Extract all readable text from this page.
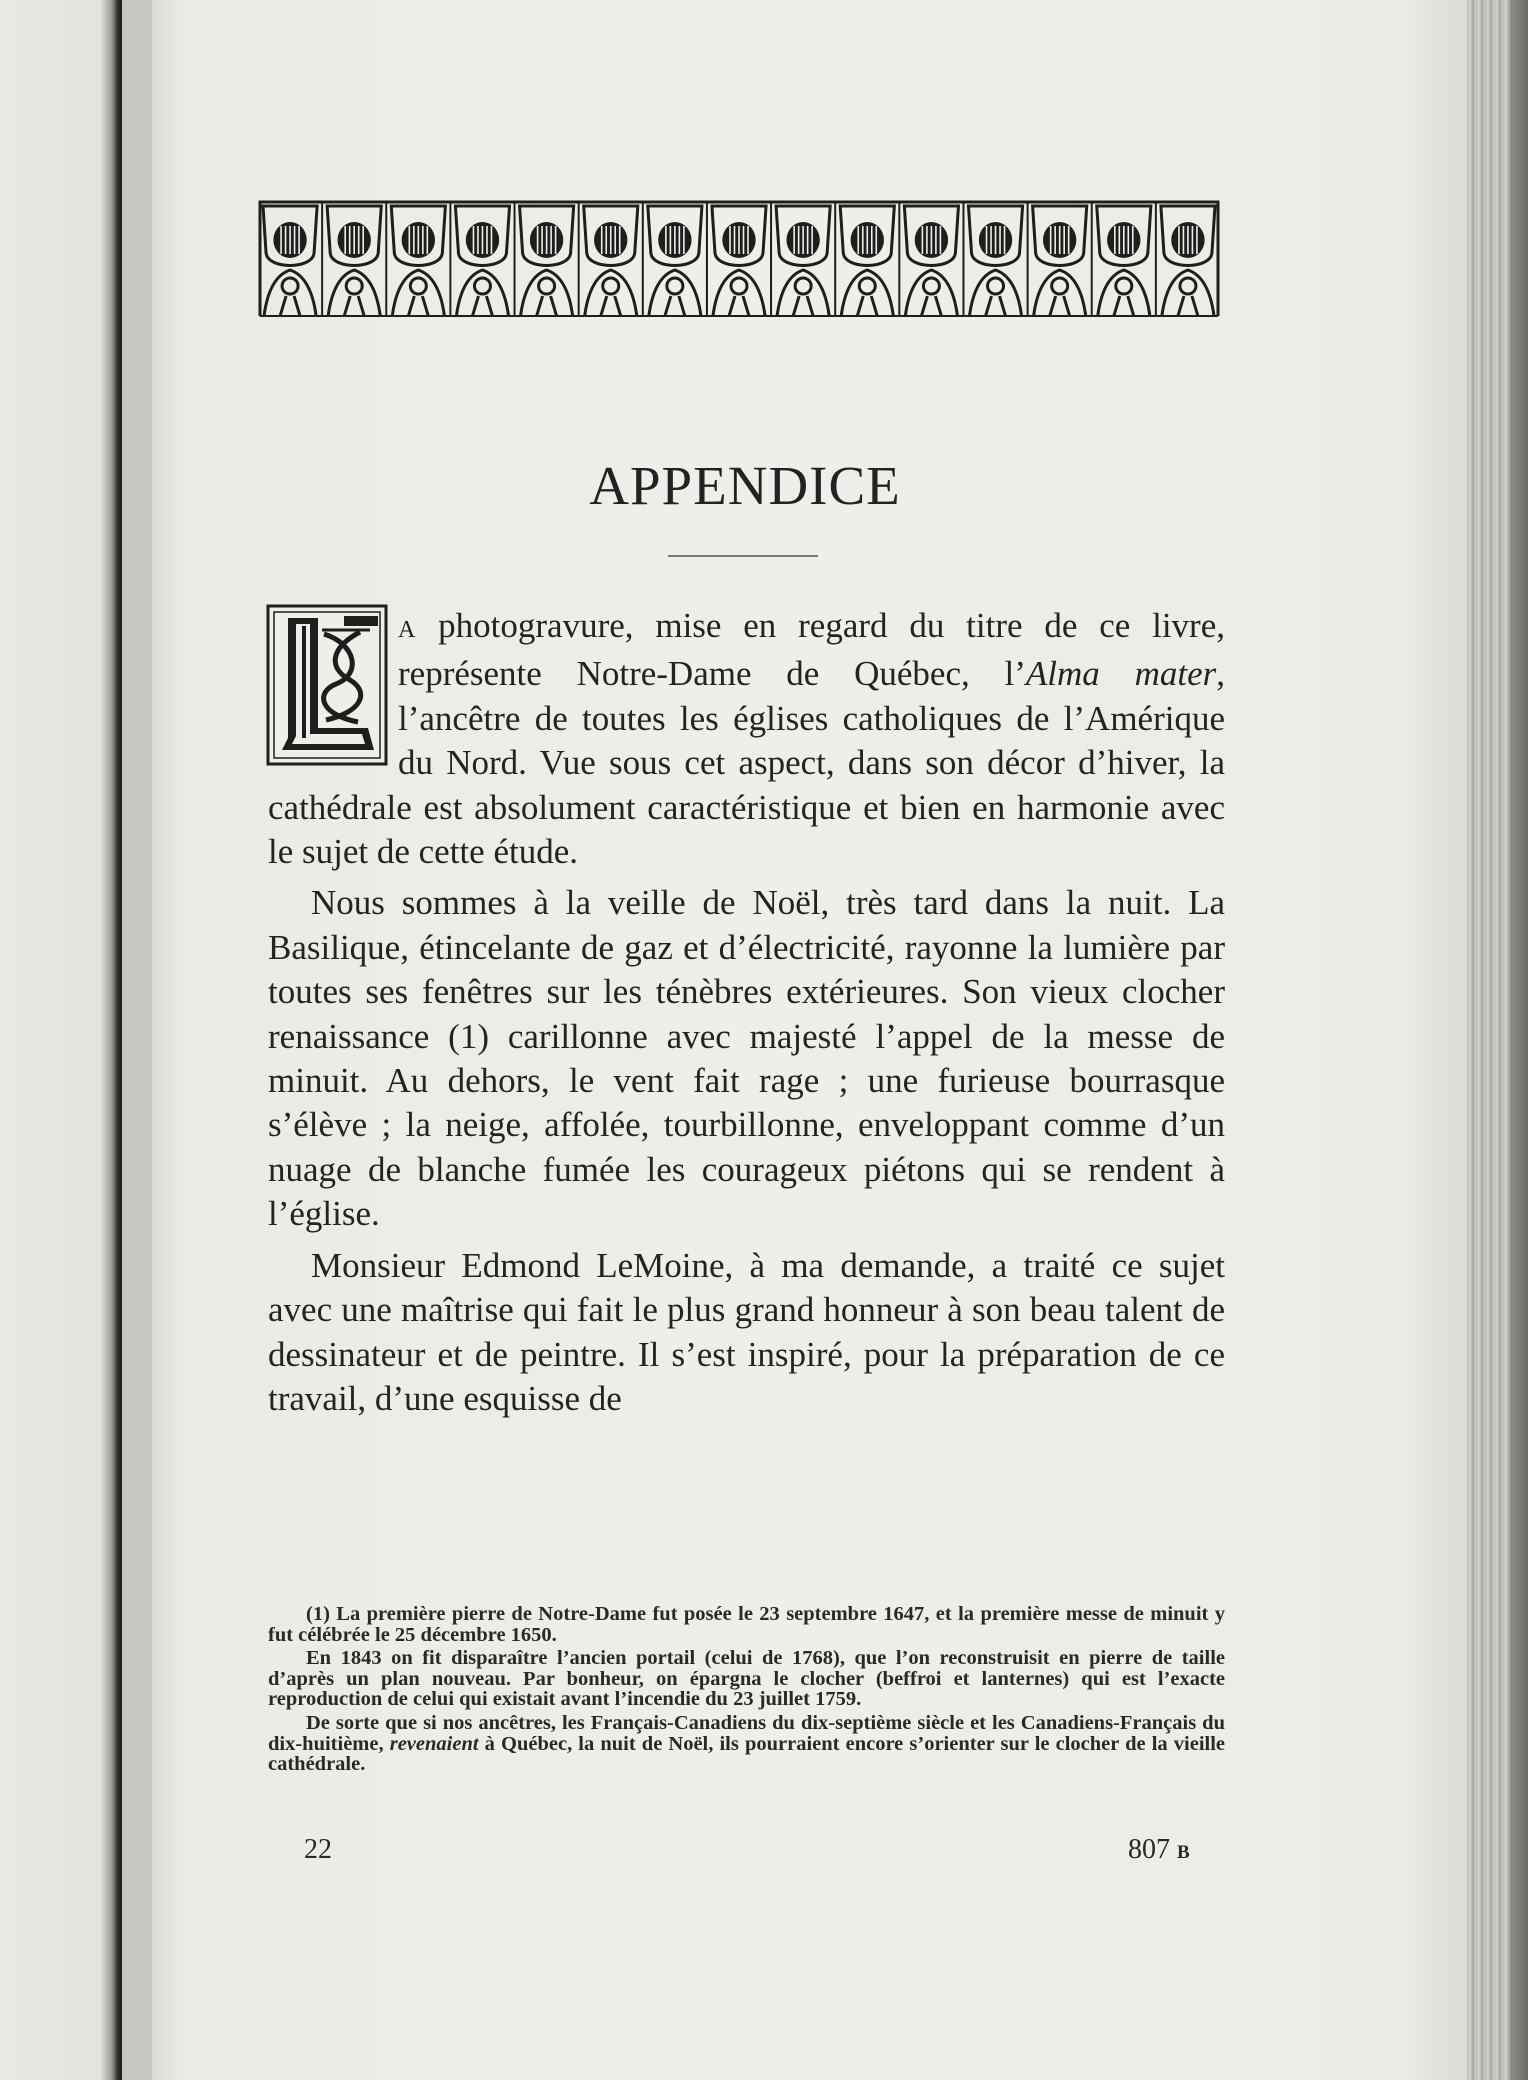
APPENDICE

A photogravure, mise en regard du titre de ce livre, représente Notre-Dame de Québec, l’Alma mater, l’ancêtre de toutes les églises catholiques de l’Amérique du Nord. Vue sous cet aspect, dans son décor d’hiver, la cathédrale est absolument caractéristique et bien en harmonie avec le sujet de cette étude.

Nous sommes à la veille de Noël, très tard dans la nuit. La Basilique, étincelante de gaz et d’électricité, rayonne la lumière par toutes ses fenêtres sur les ténèbres extérieures. Son vieux clocher renaissance (1) carillonne avec majesté l’appel de la messe de minuit. Au dehors, le vent fait rage ; une furieuse bourrasque s’élève ; la neige, affolée, tourbillonne, enveloppant comme d’un nuage de blanche fumée les courageux piétons qui se rendent à l’église.

Monsieur Edmond LeMoine, à ma demande, a traité ce sujet avec une maîtrise qui fait le plus grand honneur à son beau talent de dessinateur et de peintre. Il s’est inspiré, pour la préparation de ce travail, d’une esquisse de

(1) La première pierre de Notre-Dame fut posée le 23 septembre 1647, et la première messe de minuit y fut célébrée le 25 décembre 1650.

En 1843 on fit disparaître l’ancien portail (celui de 1768), que l’on reconstruisit en pierre de taille d’après un plan nouveau. Par bonheur, on épargna le clocher (beffroi et lanternes) qui est l’exacte reproduction de celui qui existait avant l’incendie du 23 juillet 1759.

De sorte que si nos ancêtres, les Français-Canadiens du dix-septième siècle et les Canadiens-Français du dix-huitième, revenaient à Québec, la nuit de Noël, ils pourraient encore s’orienter sur le clocher de la vieille cathédrale.

22	807 B
